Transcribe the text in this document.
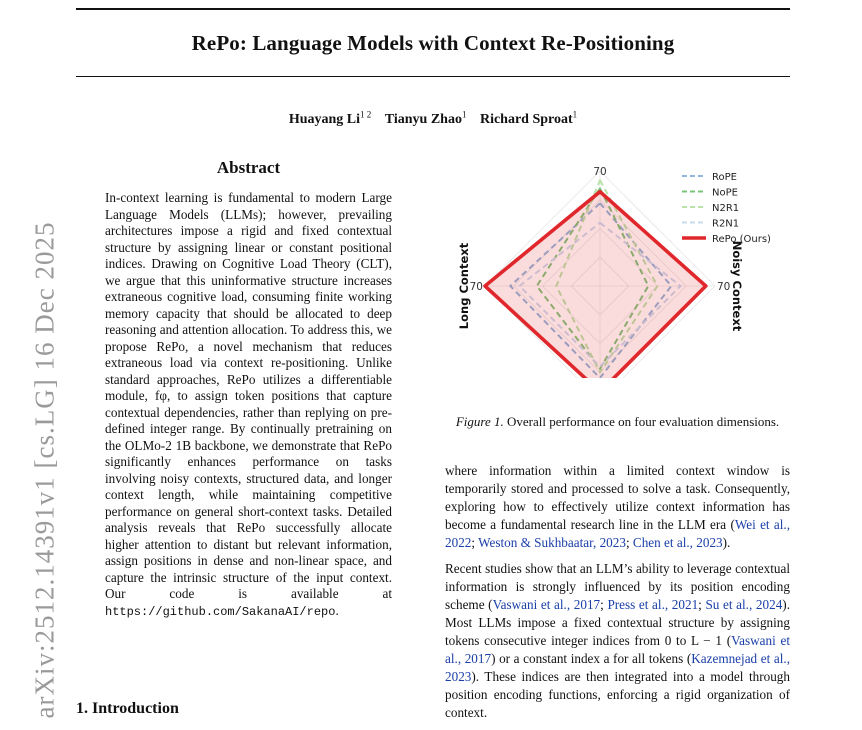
RePo: Language Models with Context Re-Positioning
Huayang $Li^{1 2}$ Tianyu Zhao$^1$ Richard Sproat$^1$
arXiv:2512.14391v1 [cs.LG] 16 Dec 2025
Abstract
In-context learning is fundamental to modern Large Language Models (LLMs); however, prevailing architectures impose a rigid and fixed contextual structure by assigning linear or constant positional indices. Drawing on Cognitive Load Theory (CLT), we argue that this uninformative structure increases extraneous cognitive load, consuming finite working memory capacity that should be allocated to deep reasoning and attention allocation. To address this, we propose RePo, a novel mechanism that reduces extraneous load via context re-positioning. Unlike standard approaches, RePo utilizes a differentiable module, fφ, to assign token positions that capture contextual dependencies, rather than replying on pre-defined integer range. By continually pretraining on the OLMo-2 1B backbone, we demonstrate that RePo significantly enhances performance on tasks involving noisy contexts, structured data, and longer context length, while maintaining competitive performance on general short-context tasks. Detailed analysis reveals that RePo successfully allocate higher attention to distant but relevant information, assign positions in dense and non-linear space, and capture the intrinsic structure of the input context. Our code is available at https://github.com/SakanaAI/repo.
1. Introduction
70
70
70	Noisy Context
Long Context
RoPE
NoPE
N2R1
R2N1
RePo (Ours)
Figure 1. Overall performance on four evaluation dimensions.
where information within a limited context window is temporarily stored and processed to solve a task. Consequently, exploring how to effectively utilize context information has become a fundamental research line in the LLM era (Wei et al., 2022; Weston & Sukhbaatar, 2023; Chen et al., 2023).
Recent studies show that an LLM’s ability to leverage contextual information is strongly influenced by its position encoding scheme (Vaswani et al., 2017; Press et al., 2021; Su et al., 2024). Most LLMs impose a fixed contextual structure by assigning tokens consecutive integer indices from 0 to L − 1 (Vaswani et al., 2017) or a constant index a for all tokens (Kazemnejad et al., 2023). These indices are then integrated into a model through position encoding functions, enforcing a rigid organization of context.
